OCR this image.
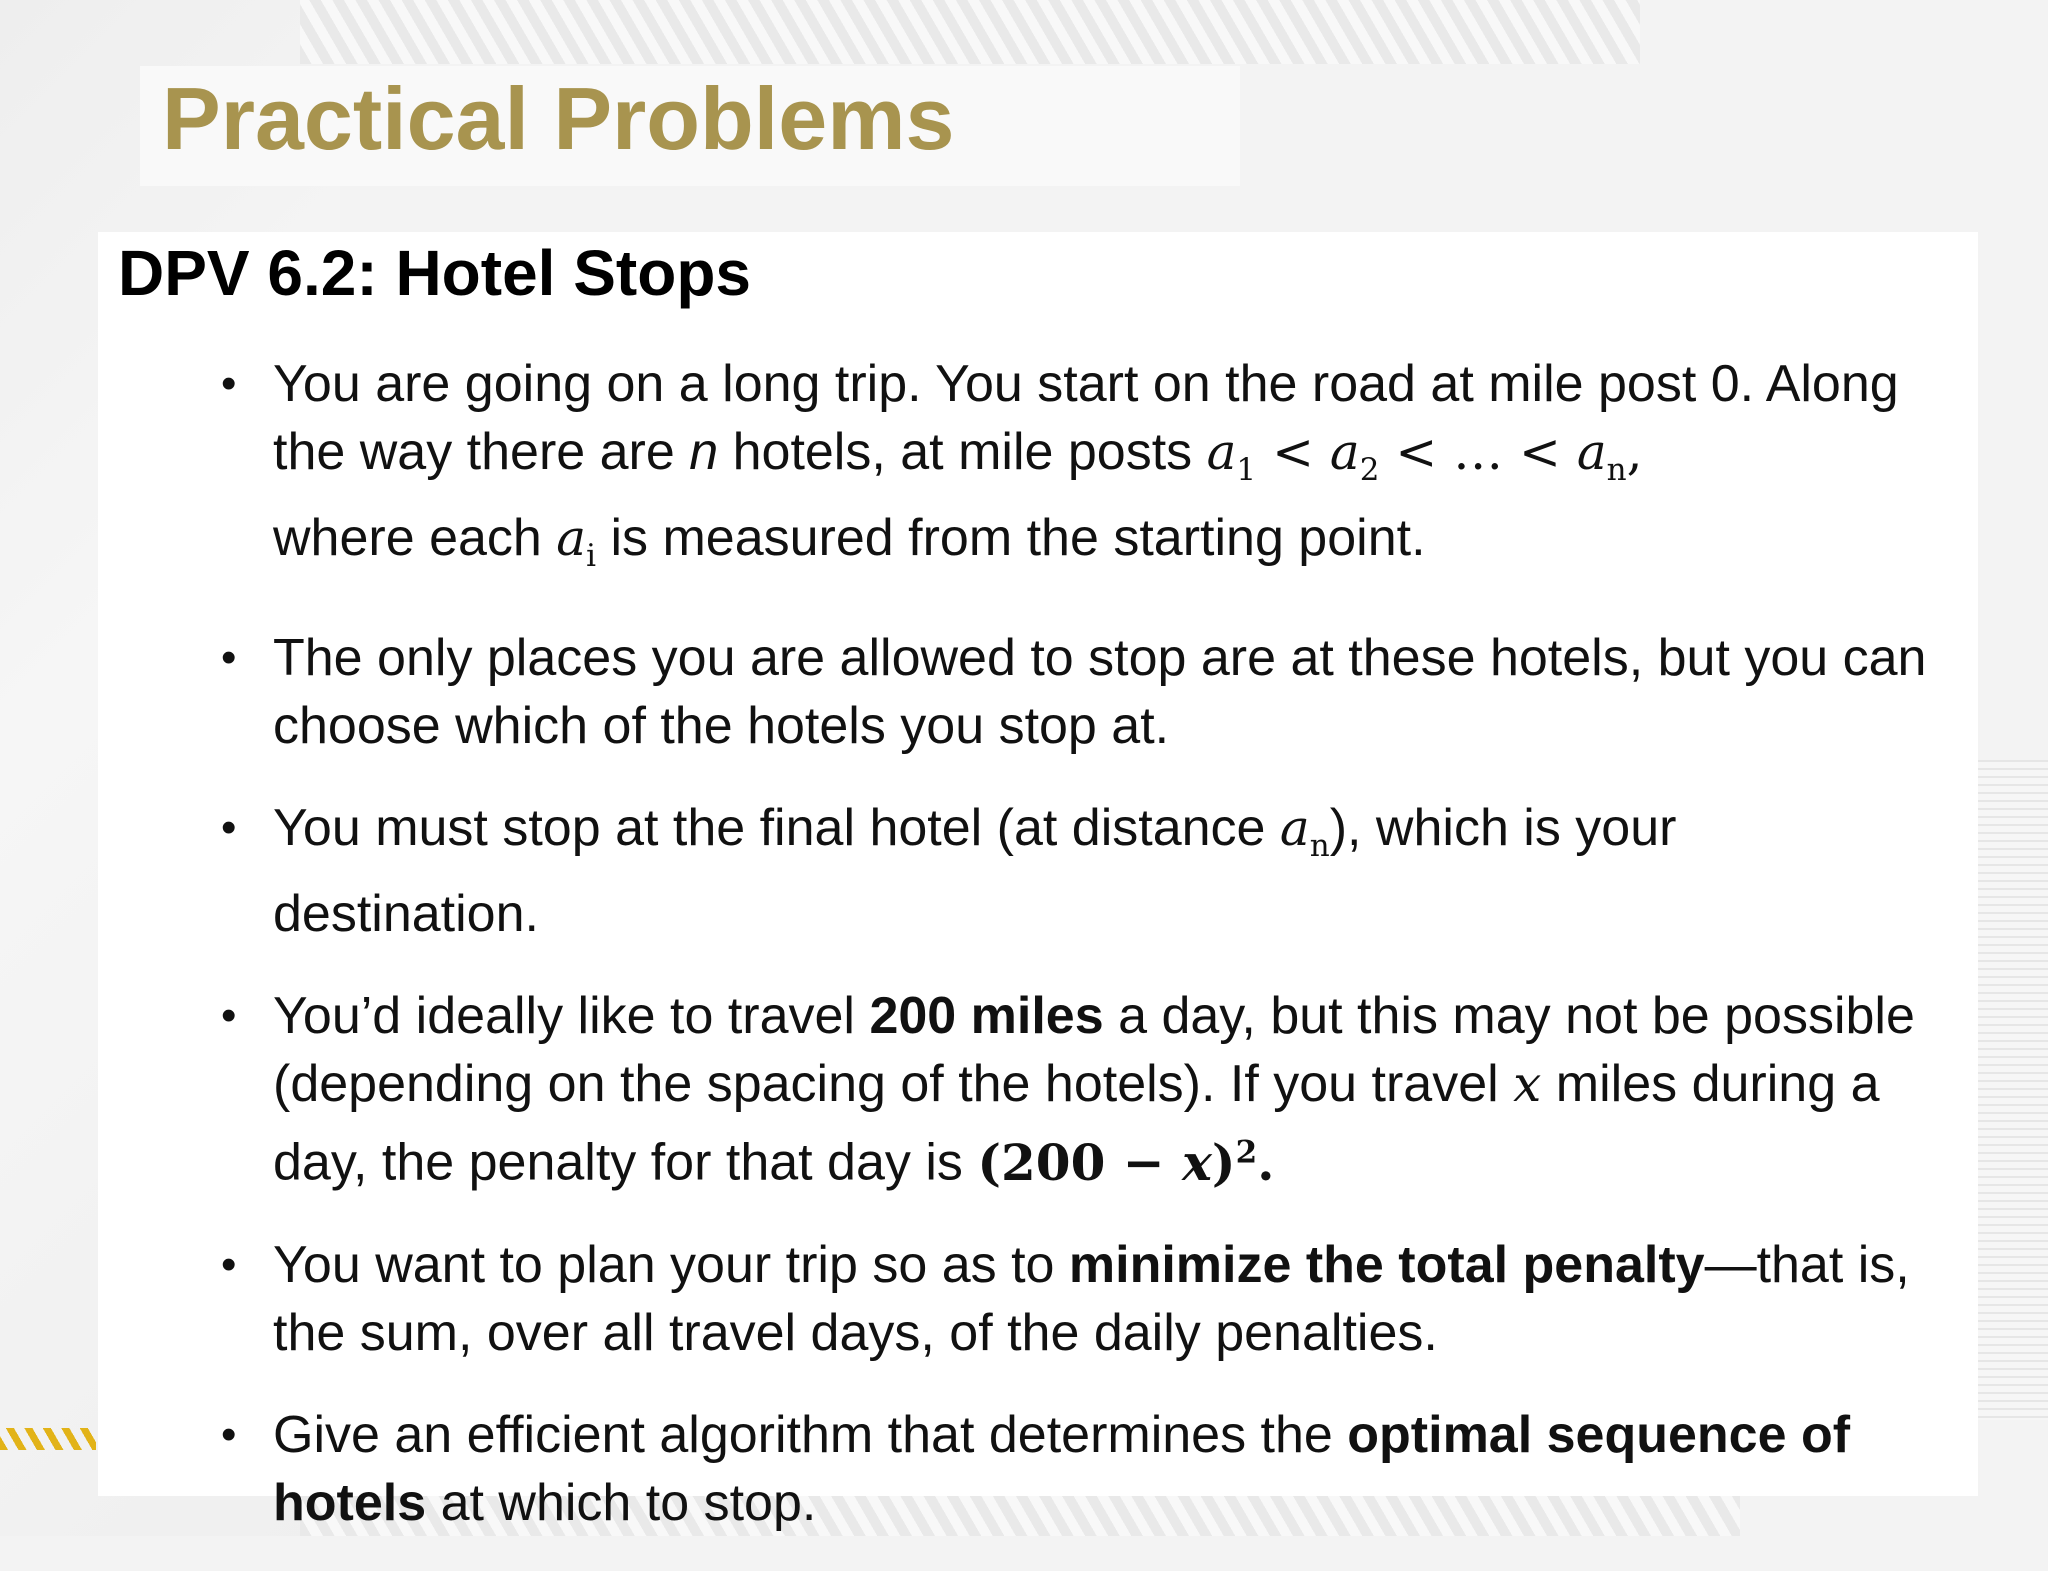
Practical Problems
DPV 6.2: Hotel Stops
• You are going on a long trip. You start on the road at mile post 0. Along the way there are n hotels, at mile posts $a_1 < a_2$ < … < $a_n$,
where each $a_i$ is measured from the starting point.
• The only places you are allowed to stop are at these hotels, but you can choose which of the hotels you stop at.
• You must stop at the final hotel (at distance $a_n$), which is your destination.
• You’d ideally like to travel 200 miles a day, but this may not be possible (depending on the spacing of the hotels). If you travel x miles during a day, the penalty for that day is $(200 - x)^2$.
• You want to plan your trip so as to minimize the total penalty—that is, the sum, over all travel days, of the daily penalties.
• Give an efficient algorithm that determines the optimal sequence of hotels at which to stop.
